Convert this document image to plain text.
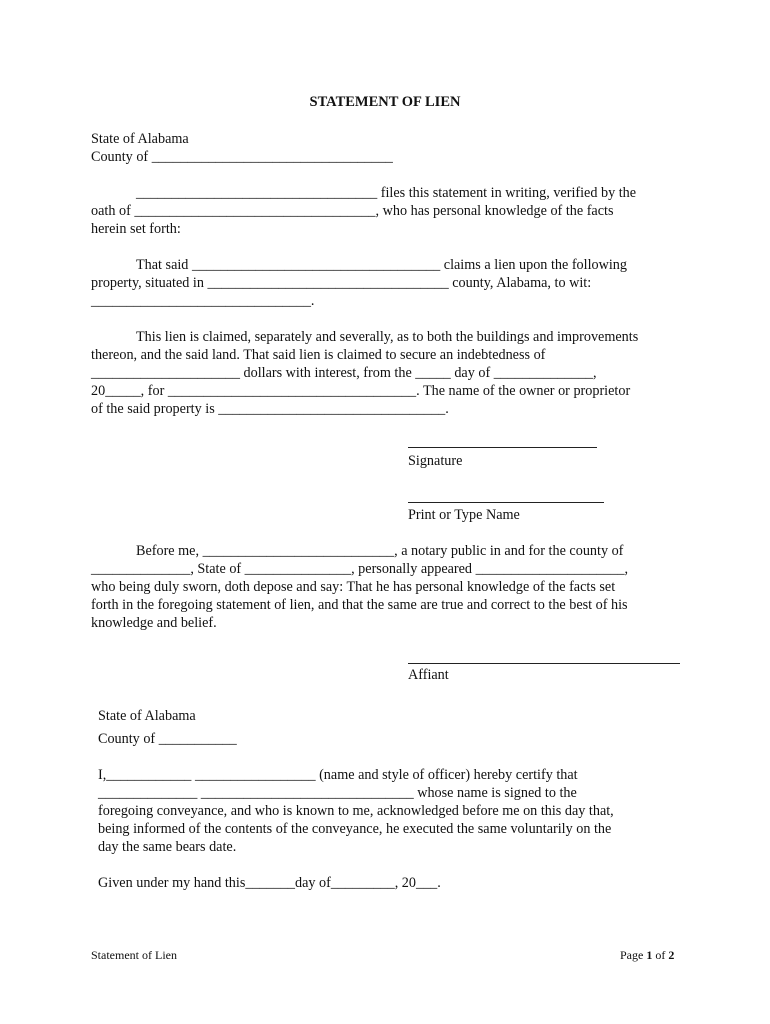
STATEMENT OF LIEN
State of Alabama
County of __________________________________
__________________________________ files this statement in writing, verified by the
oath of __________________________________, who has personal knowledge of the facts
herein set forth:
That said ___________________________________ claims a lien upon the following
property, situated in __________________________________ county, Alabama, to wit:
_______________________________.
This lien is claimed, separately and severally, as to both the buildings and improvements
thereon, and the said land. That said lien is claimed to secure an indebtedness of
_____________________ dollars with interest, from the _____ day of ______________,
20_____, for ___________________________________. The name of the owner or proprietor
of the said property is ________________________________.
Signature
Print or Type Name
Before me, ___________________________, a notary public in and for the county of
______________, State of _______________, personally appeared _____________________,
who being duly sworn, doth depose and say: That he has personal knowledge of the facts set
forth in the foregoing statement of lien, and that the same are true and correct to the best of his
knowledge and belief.
Affiant
State of Alabama
County of ___________
I,____________ _________________ (name and style of officer) hereby certify that
______________ ______________________________ whose name is signed to the
foregoing conveyance, and who is known to me, acknowledged before me on this day that,
being informed of the contents of the conveyance, he executed the same voluntarily on the
day the same bears date.
Given under my hand this_______day of_________, 20___.
Statement of Lien	Page 1 of 2
